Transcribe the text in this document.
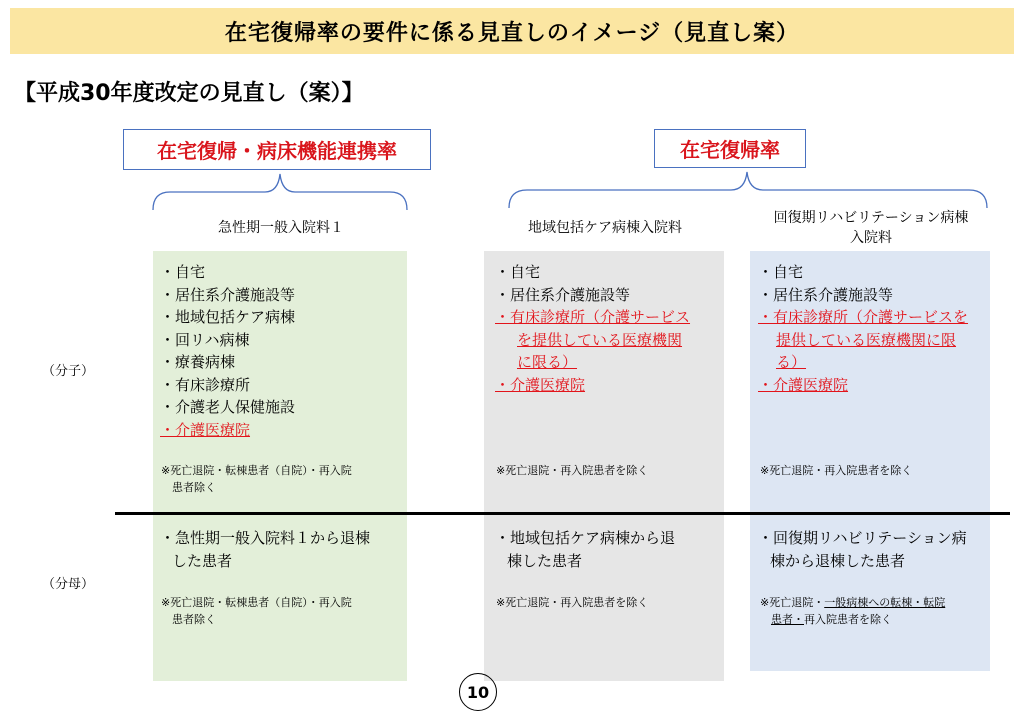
在宅復帰率の要件に係る見直しのイメージ（見直し案）
【平成30年度改定の見直し（案）】
在宅復帰・病床機能連携率	在宅復帰率
急性期一般入院料１	地域包括ケア病棟入院料
回復期リハビリテーション病棟
入院料
（分子）
（分母）
・自宅
・居住系介護施設等
・地域包括ケア病棟
・回リハ病棟
・療養病棟
・有床診療所
・介護老人保健施設
・介護医療院
※死亡退院・転棟患者（自院）・再入院
患者除く
・自宅
・居住系介護施設等
・有床診療所（介護サービス
を提供している医療機関
に限る）
・介護医療院
※死亡退院・再入院患者を除く
・自宅
・居住系介護施設等
・有床診療所（介護サービスを
提供している医療機関に限
る）
・介護医療院
※死亡退院・再入院患者を除く
・急性期一般入院料１から退棟
した患者
※死亡退院・転棟患者（自院）・再入院
患者除く
・地域包括ケア病棟から退
棟した患者
※死亡退院・再入院患者を除く
・回復期リハビリテーション病
棟から退棟した患者
※死亡退院・一般病棟への転棟・転院
患者・再入院患者を除く
10
